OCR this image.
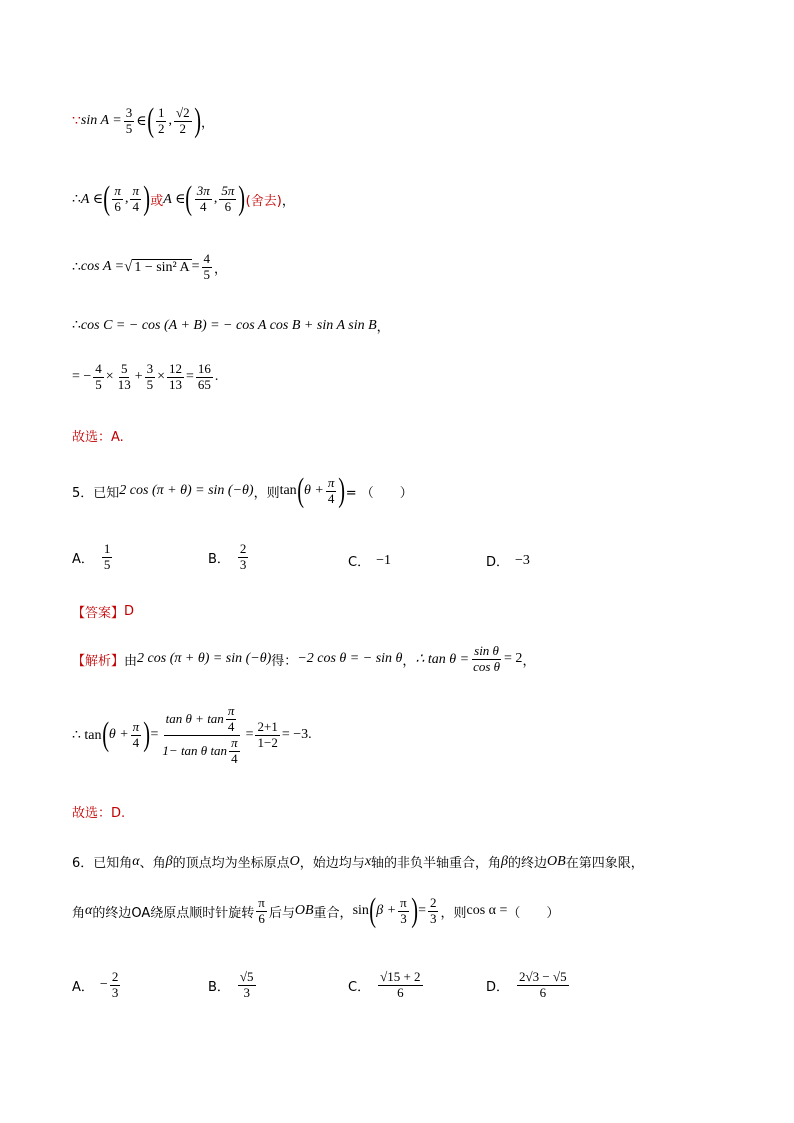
∵ $\sin A = \frac{3}{5}$ ∈ ( $\frac{1}{2}$ , $\frac{√2}{2}$ ) ，
∴ A ∈ ( $\frac{\pi}{6}$ , $\frac{\pi}{4}$ ) 或 A ∈ ( $\frac{3\pi}{4}$ , $\frac{5\pi}{6}$ ) (舍去) ，
∴ cos A = √ 1 − sin² $A = \frac{4}{5}$ ，
∴ cos C = − cos (A + B) = − cos A cos B + sin A sin B ，
= − $\frac{4}{5} \times \frac{5}{13} + \frac{3}{5} \times \frac{12}{13} = \frac{16}{65}$ .
故选：A.
5． 已知 2 cos (π + θ) = sin (−θ) ，则 tan ( $\theta + \frac{\pi}{4}$ ) = （　　）
A． $\frac{1}{5}$	B． $\frac{2}{3}$	C． −1	D． −3
【答案】 D
【解析】 由 2 cos (π + θ) = sin (−θ) 得： −2 cos θ = − sin θ ， ∴ $\tan \theta = \frac{\text{sin θ}}{\text{cos θ}} = 2$ ，
∴ tan ( $\theta + \frac{\pi}{4}$ ) = $\frac{\tan \theta + \tan \frac{\pi}{4}}{1- \tan \theta \tan \frac{\pi}{4}} = \frac{2+1}{1-2} = -3$.
故选：D.
6． 已知角 α 、角 β 的顶点均为坐标原点 O ，始边均与 x 轴的非负半轴重合，角 β 的终边 OB 在第四象限，
角 α 的终边OA绕原点顺时针旋转 $\frac{\pi}{6}$ 后与 OB 重合， sin ( $\beta + \frac{\pi}{3}$ ) = $\frac{2}{3}$ ，则 cos α = （　　）
A． − $\frac{2}{3}$	B． $\frac{√5}{3}$	C． $\frac{√15 + 2}{6}$	D． $\frac{2√3 - √5}{6}$
